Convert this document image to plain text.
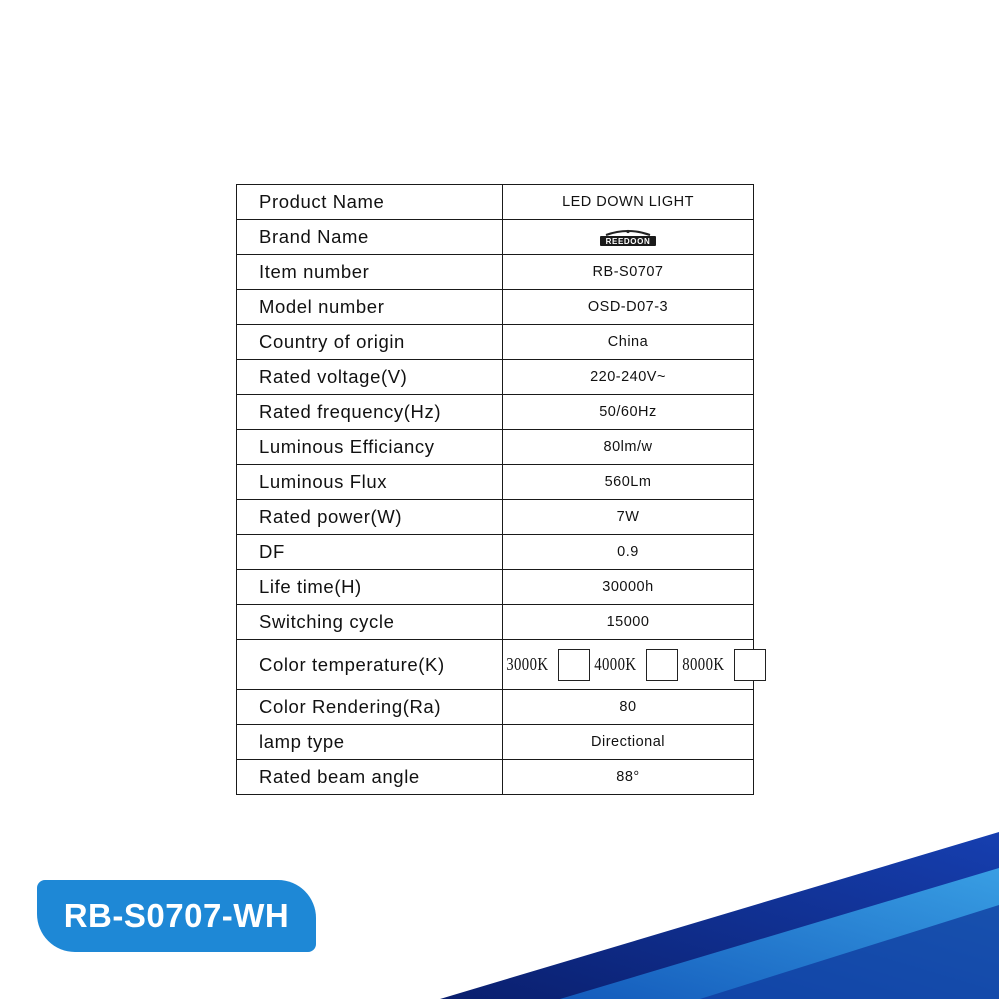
Product Name	LED DOWN LIGHT
Brand Name	REEDOON

Item number	RB-S0707
Model number	OSD-D07-3
Country of origin	China
Rated voltage(V)	220-240V~
Rated frequency(Hz)	50/60Hz
Luminous Efficiancy	80lm/w
Luminous Flux	560Lm
Rated power(W)	7W
DF	0.9
Life time(H)	30000h
Switching cycle	15000
Color temperature(K)	3000K 4000K 8000K

Color Rendering(Ra)	80
lamp type	Directional
Rated beam angle	88°
RB-S0707-WH
